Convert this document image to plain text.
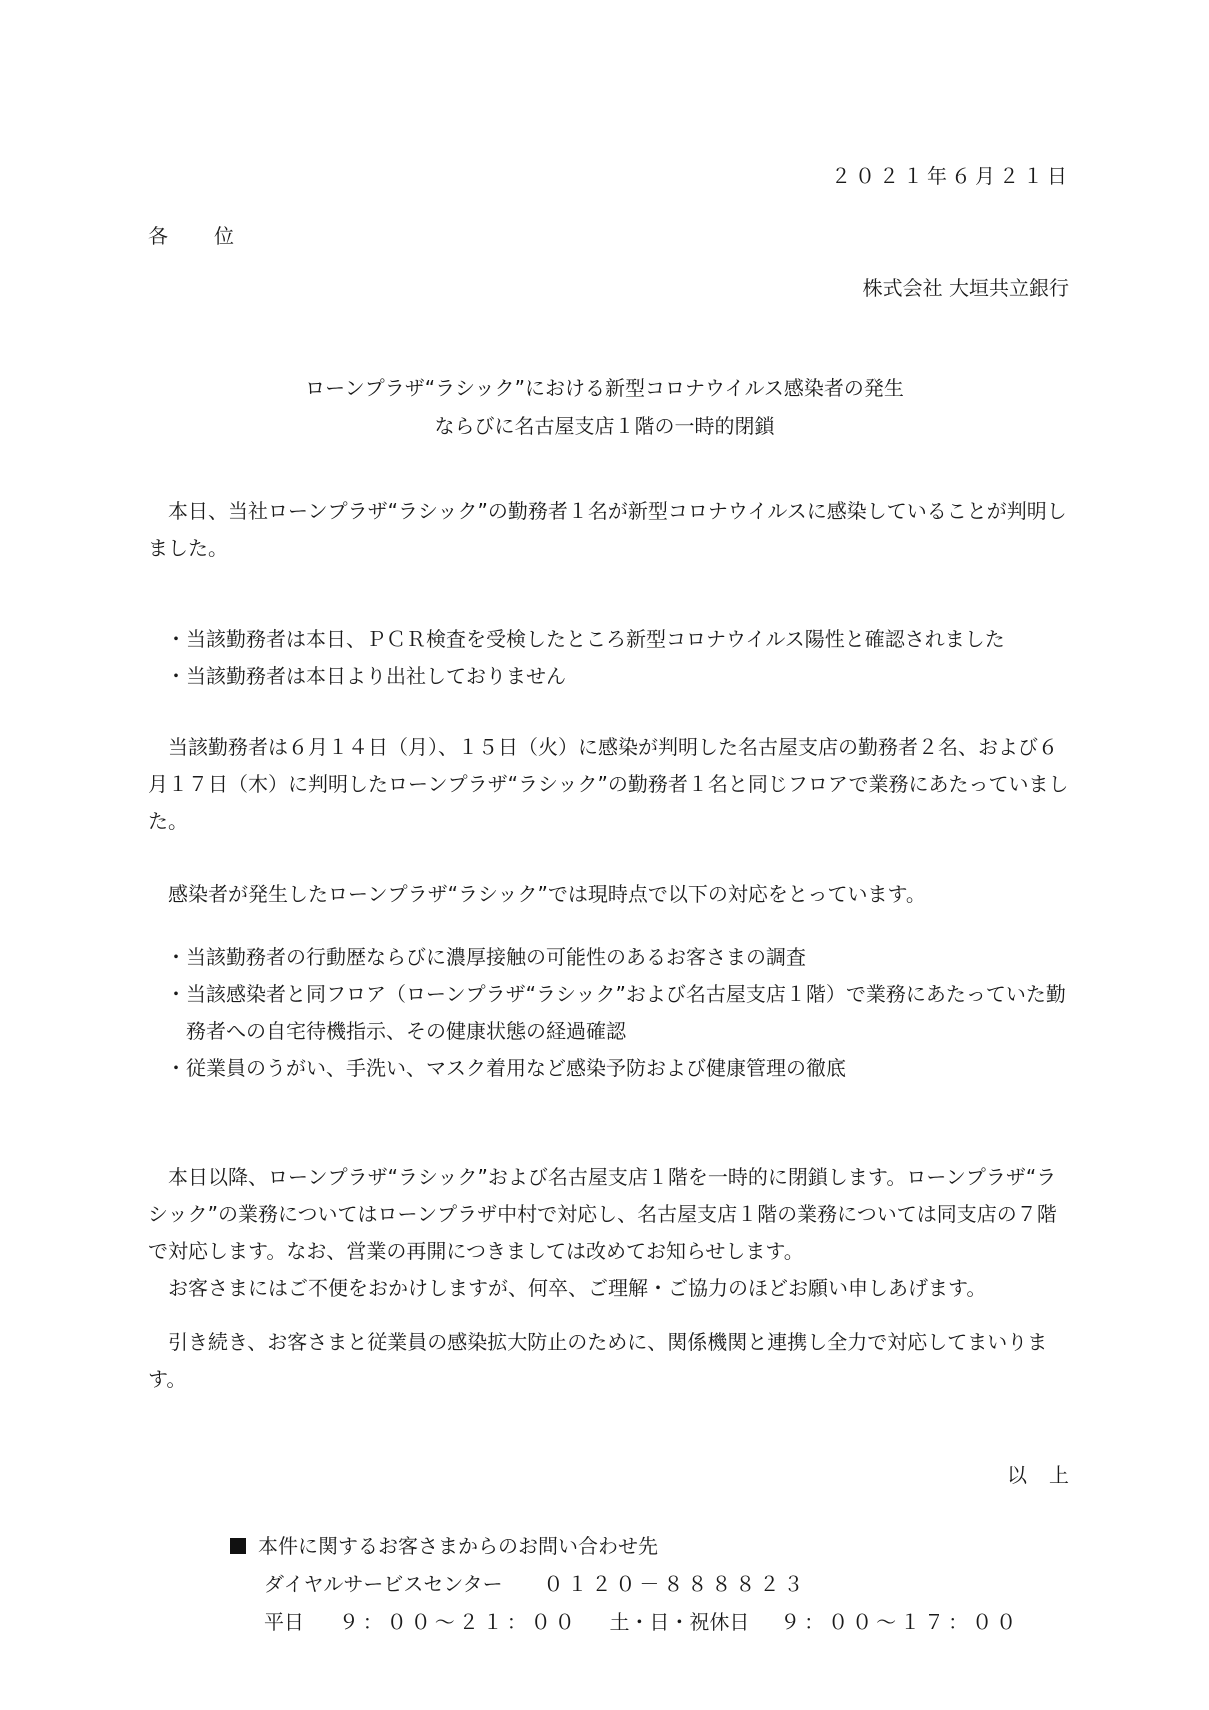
２０２１年６月２１日
各 位
株式会社 大垣共立銀行
ローンプラザ“ラシック”における新型コロナウイルス感染者の発生
ならびに名古屋支店１階の一時的閉鎖
本日、当社ローンプラザ“ラシック”の勤務者１名が新型コロナウイルスに感染していることが判明しました。
・当該勤務者は本日、ＰＣＲ検査を受検したところ新型コロナウイルス陽性と確認されました
・当該勤務者は本日より出社しておりません
当該勤務者は６月１４日（月）、１５日（火）に感染が判明した名古屋支店の勤務者２名、および６月１７日（木）に判明したローンプラザ“ラシック”の勤務者１名と同じフロアで業務にあたっていました。
感染者が発生したローンプラザ“ラシック”では現時点で以下の対応をとっています。
・当該勤務者の行動歴ならびに濃厚接触の可能性のあるお客さまの調査
・当該感染者と同フロア（ローンプラザ“ラシック”および名古屋支店１階）で業務にあたっていた勤務者への自宅待機指示、その健康状態の経過確認
・従業員のうがい、手洗い、マスク着用など感染予防および健康管理の徹底
本日以降、ローンプラザ“ラシック”および名古屋支店１階を一時的に閉鎖します。ローンプラザ“ラシック”の業務についてはローンプラザ中村で対応し、名古屋支店１階の業務については同支店の７階で対応します。なお、営業の再開につきましては改めてお知らせします。
お客さまにはご不便をおかけしますが、何卒、ご理解・ご協力のほどお願い申しあげます。
引き続き、お客さまと従業員の感染拡大防止のために、関係機関と連携し全力で対応してまいります。
以 上
本件に関するお客さまからのお問い合わせ先
ダイヤルサービスセンター ０１２０－８８８８２３
平日 ９：００～２１：００ 土・日・祝休日 ９：００～１７：００
